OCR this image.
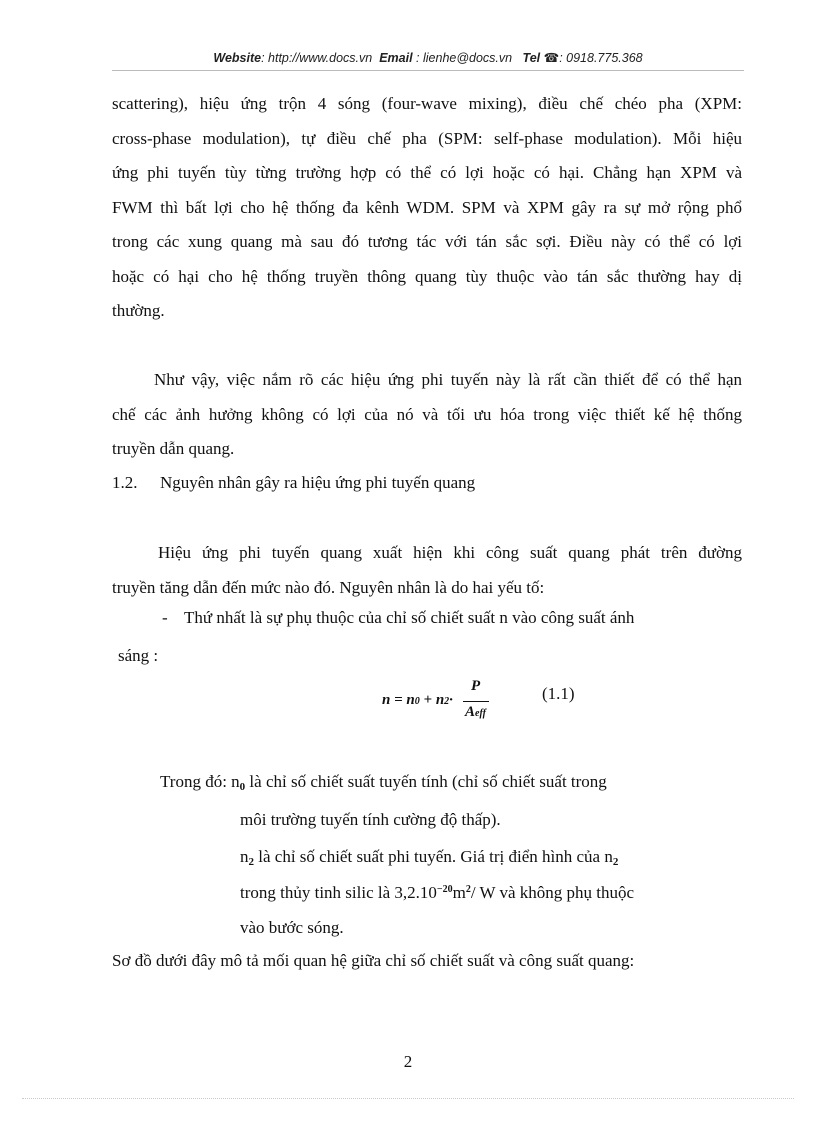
Website: http://www.docs.vn Email : lienhe@docs.vn Tel ☎: 0918.775.368
scattering), hiệu ứng trộn 4 sóng (four-wave mixing), điều chế chéo pha (XPM:
cross-phase modulation), tự điều chế pha (SPM: self-phase modulation). Mỗi hiệu
ứng phi tuyến tùy từng trường hợp có thể có lợi hoặc có hại. Chẳng hạn XPM và
FWM thì bất lợi cho hệ thống đa kênh WDM. SPM và XPM gây ra sự mở rộng phổ
trong các xung quang mà sau đó tương tác với tán sắc sợi. Điều này có thể có lợi
hoặc có hại cho hệ thống truyền thông quang tùy thuộc vào tán sắc thường hay dị
thường.
Như vậy, việc nắm rõ các hiệu ứng phi tuyến này là rất cần thiết để có thể hạn
chế các ảnh hưởng không có lợi của nó và tối ưu hóa trong việc thiết kế hệ thống
truyền dẫn quang.
1.2. Nguyên nhân gây ra hiệu ứng phi tuyến quang
Hiệu ứng phi tuyến quang xuất hiện khi công suất quang phát trên đường
truyền tăng dẫn đến mức nào đó. Nguyên nhân là do hai yếu tố:
- Thứ nhất là sự phụ thuộc của chỉ số chiết suất n vào công suất ánh
sáng :
n = n0 + n2·
P
Aeff
(1.1)
Trong đó: $n_0$ là chỉ số chiết suất tuyến tính (chỉ số chiết suất trong
môi trường tuyến tính cường độ thấp).
$n_2$ là chỉ số chiết suất phi tuyến. Giá trị điển hình của $n_2$
trong thủy tinh silic là $3,2.10^{-20}m^2/$ W và không phụ thuộc
vào bước sóng.
Sơ đồ dưới đây mô tả mối quan hệ giữa chỉ số chiết suất và công suất quang:
2
